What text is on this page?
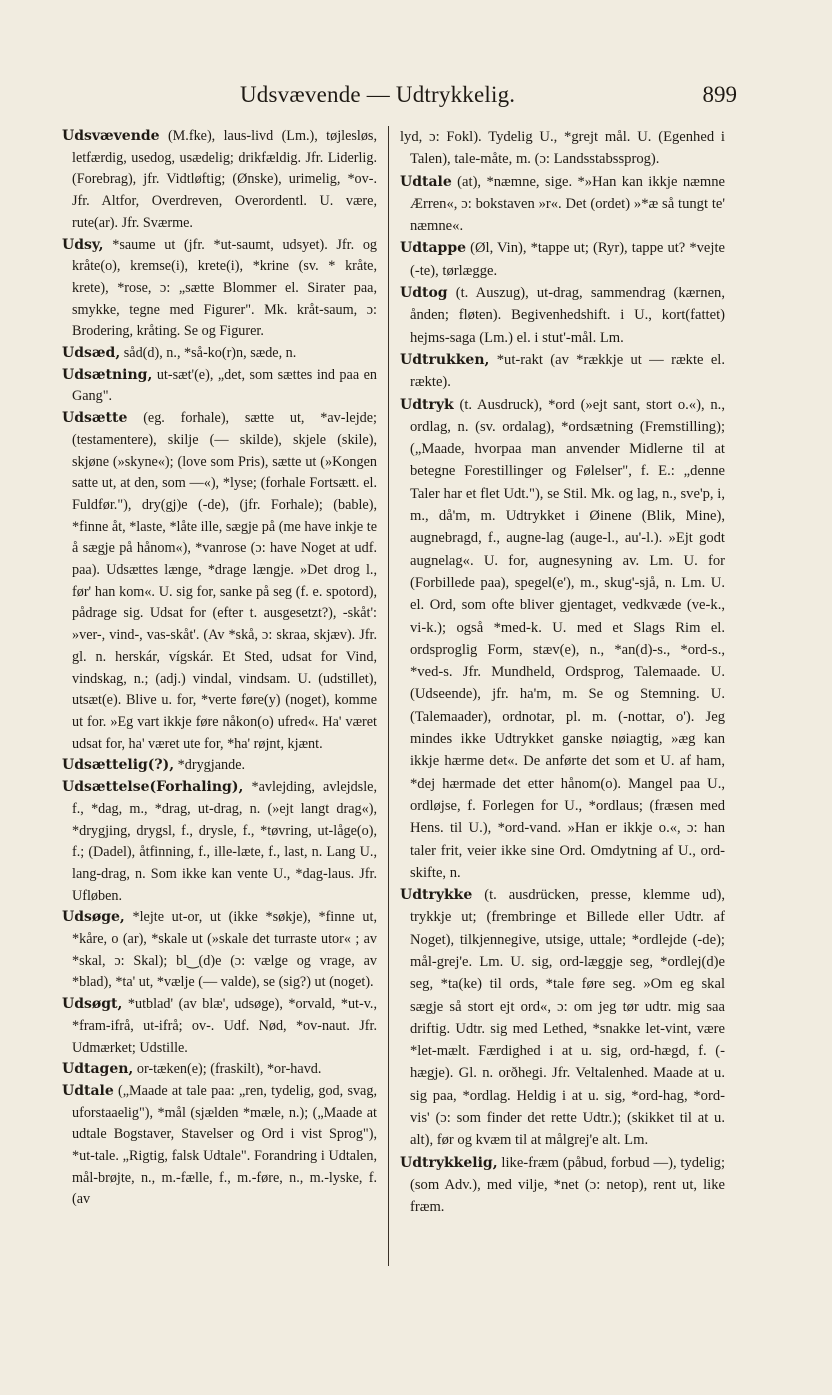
Udsvævende — Udtrykkelig.	899

Udsvævende (M.fke), laus-livd (Lm.), tøjlesløs, letfærdig, usedog, usædelig; drikfældig. Jfr. Liderlig. (Forebrag), jfr. Vidtløftig; (Ønske), urimelig, *ov-. Jfr. Altfor, Overdreven, Overordentl. U. være, rute(ar). Jfr. Sværme.

Udsy, *saume ut (jfr. *ut-saumt, udsyet). Jfr. og kråte(o), kremse(i), krete(i), *krine (sv. * kråte, krete), *rose, ɔ: „sætte Blommer el. Sirater paa, smykke, tegne med Figurer". Mk. kråt-saum, ɔ: Brodering, kråting. Se og Figurer.

Udsæd, såd(d), n., *så-ko(r)n, sæde, n.

Udsætning, ut-sæt'(e), „det, som sættes ind paa en Gang".

Udsætte (eg. forhale), sætte ut, *av-lejde; (testamentere), skilje (— skilde), skjele (skile), skjøne (»skyne«); (love som Pris), sætte ut (»Kongen satte ut, at den, som —«), *lyse; (forhale Fortsætt. el. Fuldfør."), dry(gj)e (-de), (jfr. Forhale); (bable), *finne åt, *laste, *låte ille, sægje på (me have inkje te å sægje på hånom«), *vanrose (ɔ: have Noget at udf. paa). Udsættes længe, *drage længje. »Det drog l., før' han kom«. U. sig for, sanke på seg (f. e. spotord), pådrage sig. Udsat for (efter t. ausgesetzt?), -skåt': »ver-, vind-, vas-skåt'. (Av *skå, ɔ: skraa, skjæv). Jfr. gl. n. herskár, vígskár. Et Sted, udsat for Vind, vindskag, n.; (adj.) vindal, vindsam. U. (udstillet), utsæt(e). Blive u. for, *verte føre(y) (noget), komme ut for. »Eg vart ikkje føre nåkon(o) ufred«. Ha' været udsat for, ha' været ute for, *ha' røjnt, kjænt.

Udsættelig(?), *drygjande.

Udsættelse(Forhaling), *avlejding, avlejdsle, f., *dag, m., *drag, ut-drag, n. (»ejt langt drag«), *drygjing, drygsl, f., drysle, f., *tøvring, ut-låge(o), f.; (Dadel), åtfinning, f., ille-læte, f., last, n. Lang U., lang-drag, n. Som ikke kan vente U., *dag-laus. Jfr. Ufløben.

Udsøge, *lejte ut-or, ut (ikke *søkje), *finne ut, *kåre, o (ar), *skale ut (»skale det turraste utor« ; av *skal, ɔ: Skal); bl‿(d)e (ɔ: vælge og vrage, av *blad), *ta' ut, *vælje (— valde), se (sig?) ut (noget).

Udsøgt, *utblad' (av blæ', udsøge), *orvald, *ut-v., *fram-ifrå, ut-ifrå; ov-. Udf. Nød, *ov-naut. Jfr. Udmærket; Udstille.

Udtagen, or-tæken(e); (fraskilt), *or-havd.

Udtale („Maade at tale paa: „ren, tydelig, god, svag, uforstaaelig"), *mål (sjælden *mæle, n.); („Maade at udtale Bogstaver, Stavelser og Ord i vist Sprog"), *ut-tale. „Rigtig, falsk Udtale". Forandring i Udtalen, mål-brøjte, n., m.-fælle, f., m.-føre, n., m.-lyske, f. (av

lyd, ɔ: Fokl). Tydelig U., *grejt mål. U. (Egenhed i Talen), tale-måte, m. (ɔ: Landsstabssprog).

Udtale (at), *næmne, sige. *»Han kan ikkje næmne Ærren«, ɔ: bokstaven »r«. Det (ordet) »*æ så tungt te' næmne«.

Udtappe (Øl, Vin), *tappe ut; (Ryr), tappe ut? *vejte (-te), tørlægge.

Udtog (t. Auszug), ut-drag, sammendrag (kærnen, ånden; fløten). Begivenhedshift. i U., kort(fattet) hejms-saga (Lm.) el. i stut'-mål. Lm.

Udtrukken, *ut-rakt (av *rækkje ut — rækte el. rækte).

Udtryk (t. Ausdruck), *ord (»ejt sant, stort o.«), n., ordlag, n. (sv. ordalag), *ordsætning (Fremstilling); („Maade, hvorpaa man anvender Midlerne til at betegne Forestillinger og Følelser", f. E.: „denne Taler har et flet Udt."), se Stil. Mk. og lag, n., sve'p, i, m., då'm, m. Udtrykket i Øinene (Blik, Mine), augnebragd, f., augne-lag (auge-l., au'-l.). »Ejt godt augnelag«. U. for, augnesyning av. Lm. U. for (Forbillede paa), spegel(e'), m., skug'-sjå, n. Lm. U. el. Ord, som ofte bliver gjentaget, vedkvæde (ve-k., vi-k.); også *med-k. U. med et Slags Rim el. ordsproglig Form, stæv(e), n., *an(d)-s., *ord-s., *ved-s. Jfr. Mundheld, Ordsprog, Talemaade. U. (Udseende), jfr. ha'm, m. Se og Stemning. U. (Talemaader), ordnotar, pl. m. (-nottar, o'). Jeg mindes ikke Udtrykket ganske nøiagtig, »æg kan ikkje hærme det«. De anførte det som et U. af ham, *dej hærmade det etter hånom(o). Mangel paa U., ordløjse, f. Forlegen for U., *ordlaus; (fræsen med Hens. til U.), *ord-vand. »Han er ikkje o.«, ɔ: han taler frit, veier ikke sine Ord. Omdytning af U., ord-skifte, n.

Udtrykke (t. ausdrücken, presse, klemme ud), trykkje ut; (frembringe et Billede eller Udtr. af Noget), tilkjennegive, utsige, uttale; *ordlejde (-de); mål-grej'e. Lm. U. sig, ord-læggje seg, *ordlej(d)e seg, *ta(ke) til ords, *tale føre seg. »Om eg skal sægje så stort ejt ord«, ɔ: om jeg tør udtr. mig saa driftig. Udtr. sig med Lethed, *snakke let-vint, være *let-mælt. Færdighed i at u. sig, ord-hægd, f. (-hægje). Gl. n. orðhegi. Jfr. Veltalenhed. Maade at u. sig paa, *ordlag. Heldig i at u. sig, *ord-hag, *ord-vis' (ɔ: som finder det rette Udtr.); (skikket til at u. alt), før og kvæm til at målgrej'e alt. Lm.

Udtrykkelig, like-fræm (påbud, forbud —), tydelig; (som Adv.), med vilje, *net (ɔ: netop), rent ut, like fræm.
